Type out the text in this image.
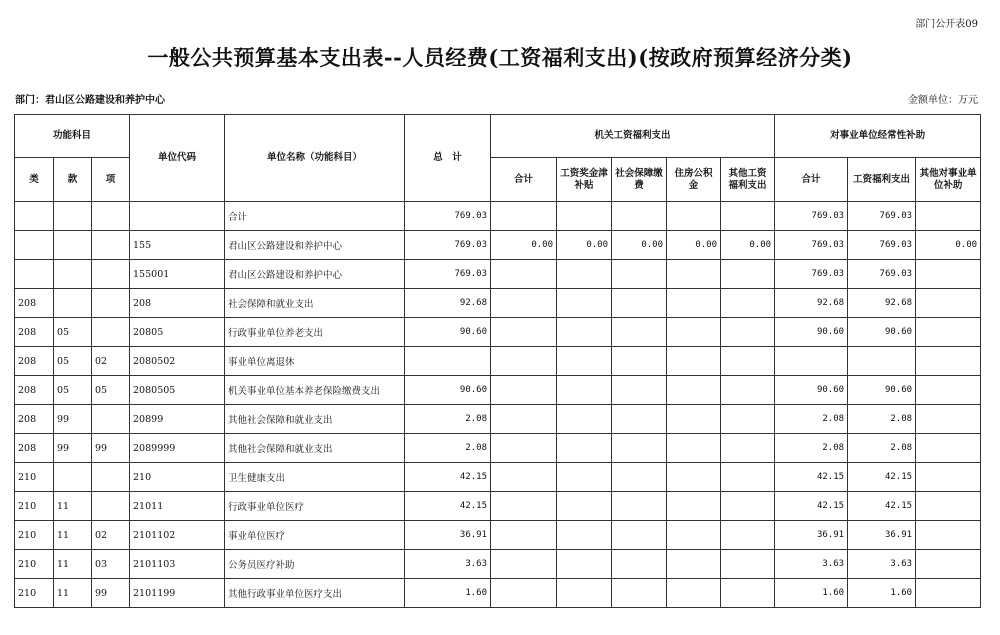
部门公开表09
一般公共预算基本支出表--人员经费(工资福利支出)(按政府预算经济分类)
部门：君山区公路建设和养护中心	金额单位：万元
功能科目			单位代码	单位名称（功能科目）	总　计	机关工资福利支出					对事业单位经常性补助		
类	款	项				合计	工资奖金津补贴	社会保障缴费	住房公积金	其他工资福利支出	合计	工资福利支出	其他对事业单位补助
				合计	769.03						769.03	769.03	
			155	君山区公路建设和养护中心	769.03	0.00	0.00	0.00	0.00	0.00	769.03	769.03	0.00
			155001	君山区公路建设和养护中心	769.03						769.03	769.03	
208			208	社会保障和就业支出	92.68						92.68	92.68	
208	05		20805	行政事业单位养老支出	90.60						90.60	90.60	
208	05	02	2080502	事业单位离退休									
208	05	05	2080505	机关事业单位基本养老保险缴费支出	90.60						90.60	90.60	
208	99		20899	其他社会保障和就业支出	2.08						2.08	2.08	
208	99	99	2089999	其他社会保障和就业支出	2.08						2.08	2.08	
210			210	卫生健康支出	42.15						42.15	42.15	
210	11		21011	行政事业单位医疗	42.15						42.15	42.15	
210	11	02	2101102	事业单位医疗	36.91						36.91	36.91	
210	11	03	2101103	公务员医疗补助	3.63						3.63	3.63	
210	11	99	2101199	其他行政事业单位医疗支出	1.60						1.60	1.60	
